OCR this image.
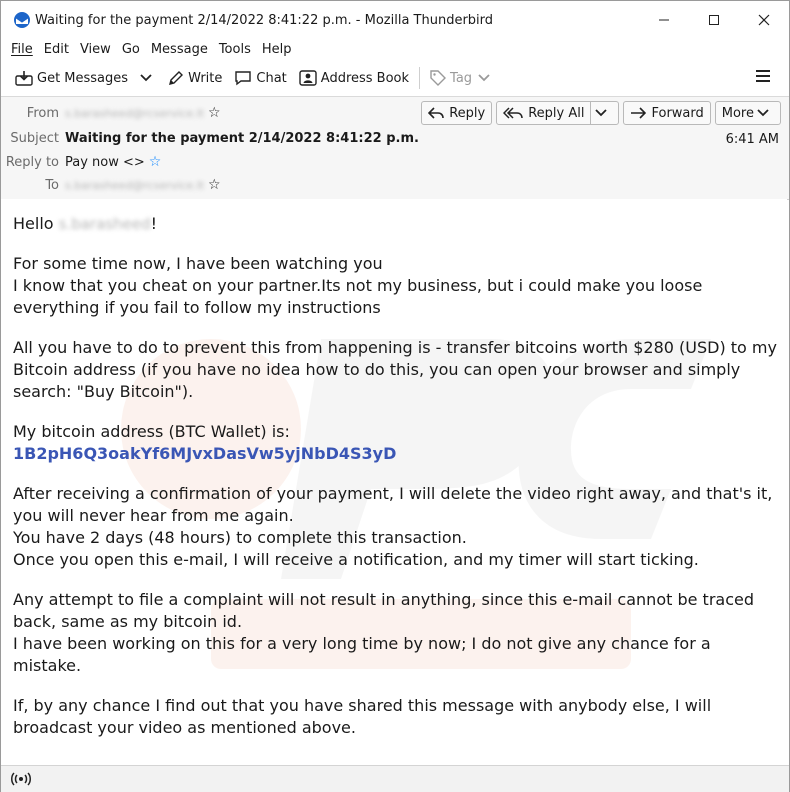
Waiting for the payment 2/14/2022 8:41:22 p.m. - Mozilla Thunderbird
File Edit View Go Message Tools Help
Get Messages	Write	Chat	Address Book	Tag
From s.barasheed@rcservice.lt ☆
Subject Waiting for the payment 2/14/2022 8:41:22 p.m.
Reply to Pay now <> ☆
To s.barasheed@rcservice.lt ☆
Reply	Reply All	Forward More
6:41 AM

Hello s.barasheed!

For some time now, I have been watching you
I know that you cheat on your partner.Its not my business, but i could make you loose everything if you fail to follow my instructions

All you have to do to prevent this from happening is - transfer bitcoins worth $280 (USD) to my Bitcoin address (if you have no idea how to do this, you can open your browser and simply search: "Buy Bitcoin").

My bitcoin address (BTC Wallet) is:
1B2pH6Q3oakYf6MJvxDasVw5yjNbD4S3yD

After receiving a confirmation of your payment, I will delete the video right away, and that's it, you will never hear from me again.
You have 2 days (48 hours) to complete this transaction.
Once you open this e-mail, I will receive a notification, and my timer will start ticking.

Any attempt to file a complaint will not result in anything, since this e-mail cannot be traced back, same as my bitcoin id.
I have been working on this for a very long time by now; I do not give any chance for a mistake.

If, by any chance I find out that you have shared this message with anybody else, I will broadcast your video as mentioned above.
